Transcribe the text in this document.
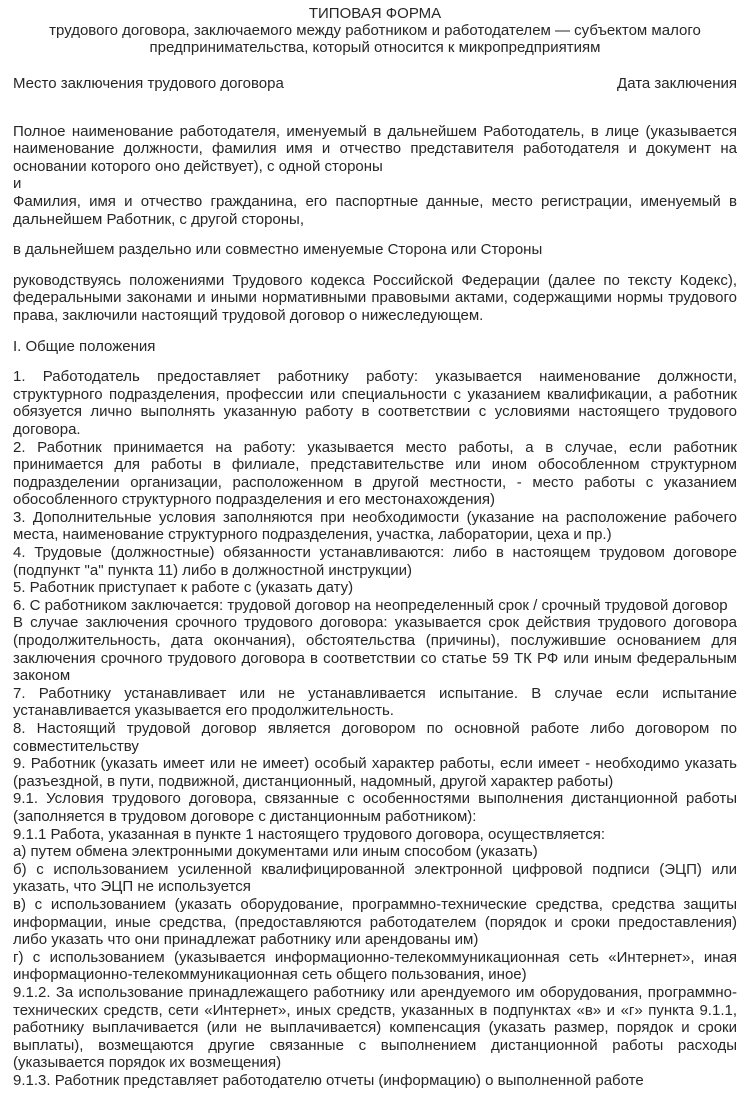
ТИПОВАЯ ФОРМА

трудового договора, заключаемого между работником и работодателем — субъектом малого предпринимательства, который относится к микропредприятиям

Место заключения трудового договора	Дата заключения

Полное наименование работодателя, именуемый в дальнейшем Работодатель, в лице (указывается наименование должности, фамилия имя и отчество представителя работодателя и документ на основании которого оно действует), с одной стороны

и

Фамилия, имя и отчество гражданина, его паспортные данные, место регистрации, именуемый в дальнейшем Работник, с другой стороны,

в дальнейшем раздельно или совместно именуемые Сторона или Стороны

руководствуясь положениями Трудового кодекса Российской Федерации (далее по тексту Кодекс), федеральными законами и иными нормативными правовыми актами, содержащими нормы трудового права, заключили настоящий трудовой договор о нижеследующем.

I. Общие положения

1. Работодатель предоставляет работнику работу: указывается наименование должности, структурного подразделения, профессии или специальности с указанием квалификации, а работник обязуется лично выполнять указанную работу в соответствии с условиями настоящего трудового договора.

2. Работник принимается на работу: указывается место работы, а в случае, если работник принимается для работы в филиале, представительстве или ином обособленном структурном подразделении организации, расположенном в другой местности, - место работы с указанием обособленного структурного подразделения и его местонахождения)

3. Дополнительные условия заполняются при необходимости (указание на расположение рабочего места, наименование структурного подразделения, участка, лаборатории, цеха и пр.)

4. Трудовые (должностные) обязанности устанавливаются: либо в настоящем трудовом договоре (подпункт "а" пункта 11) либо в должностной инструкции)

5. Работник приступает к работе с (указать дату)

6. С работником заключается: трудовой договор на неопределенный срок / срочный трудовой договор

В случае заключения срочного трудового договора: указывается срок действия трудового договора (продолжительность, дата окончания), обстоятельства (причины), послужившие основанием для заключения срочного трудового договора в соответствии со статье 59 ТК РФ или иным федеральным законом

7. Работнику устанавливает или не устанавливается испытание. В случае если испытание устанавливается указывается его продолжительность.

8. Настоящий трудовой договор является договором по основной работе либо договором по совместительству

9. Работник (указать имеет или не имеет) особый характер работы, если имеет - необходимо указать (разъездной, в пути, подвижной, дистанционный, надомный, другой характер работы)

9.1. Условия трудового договора, связанные с особенностями выполнения дистанционной работы (заполняется в трудовом договоре с дистанционным работником):

9.1.1 Работа, указанная в пункте 1 настоящего трудового договора, осуществляется:

а) путем обмена электронными документами или иным способом (указать)

б) с использованием усиленной квалифицированной электронной цифровой подписи (ЭЦП) или указать, что ЭЦП не используется

в) с использованием (указать оборудование, программно-технические средства, средства защиты информации, иные средства, (предоставляются работодателем (порядок и сроки предоставления) либо указать что они принадлежат работнику или арендованы им)

г) с использованием (указывается информационно-телекоммуникационная сеть «Интернет», иная информационно-телекоммуникационная сеть общего пользования, иное)

9.1.2. За использование принадлежащего работнику или арендуемого им оборудования, программно-технических средств, сети «Интернет», иных средств, указанных в подпунктах «в» и «г» пункта 9.1.1, работнику выплачивается (или не выплачивается) компенсация (указать размер, порядок и сроки выплаты), возмещаются другие связанные с выполнением дистанционной работы расходы (указывается порядок их возмещения)

9.1.3. Работник представляет работодателю отчеты (информацию) о выполненной работе
